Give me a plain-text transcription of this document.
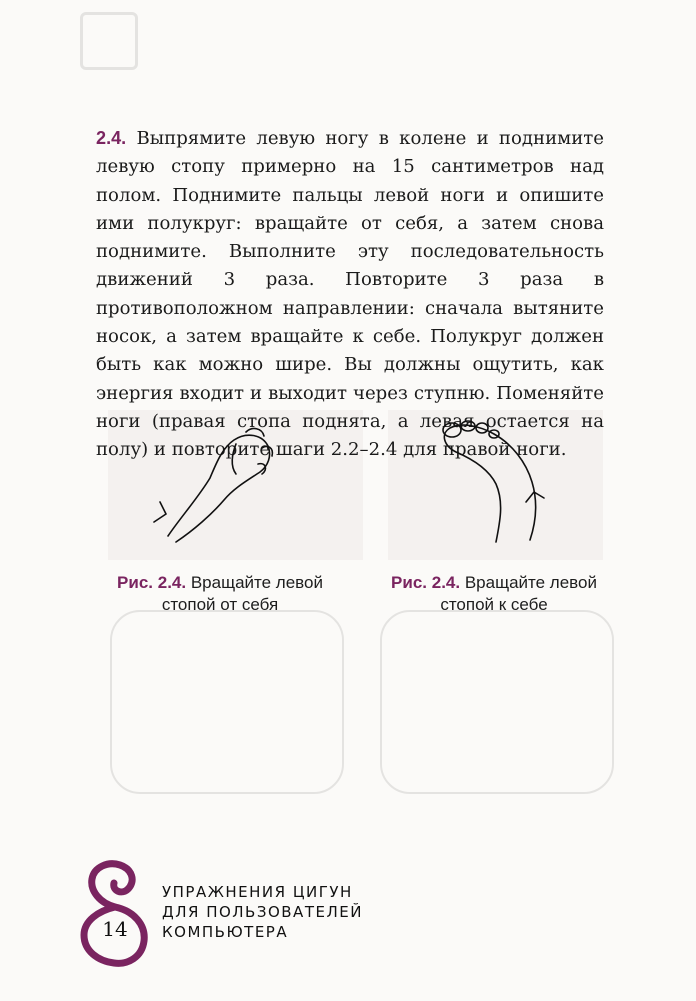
2.4. Выпрямите левую ногу в колене и поднимите левую стопу примерно на 15 сантиметров над полом. Поднимите пальцы левой ноги и опишите ими полукруг: вращайте от себя, а затем снова поднимите. Выполните эту последовательность движений 3 раза. Повторите 3 раза в противоположном направлении: сначала вытяните носок, а затем вращайте к себе. Полукруг должен быть как можно шире. Вы должны ощутить, как энергия входит и выходит через ступню. Поменяйте ноги (правая стопа поднята, а левая остается на полу) и повторите шаги 2.2–2.4 для правой ноги.

Рис. 2.4. Вращайте левой
стопой от себя
Рис. 2.4. Вращайте левой
стопой к себе
14
УПРАЖНЕНИЯ ЦИГУН
ДЛЯ ПОЛЬЗОВАТЕЛЕЙ
КОМПЬЮТЕРА
